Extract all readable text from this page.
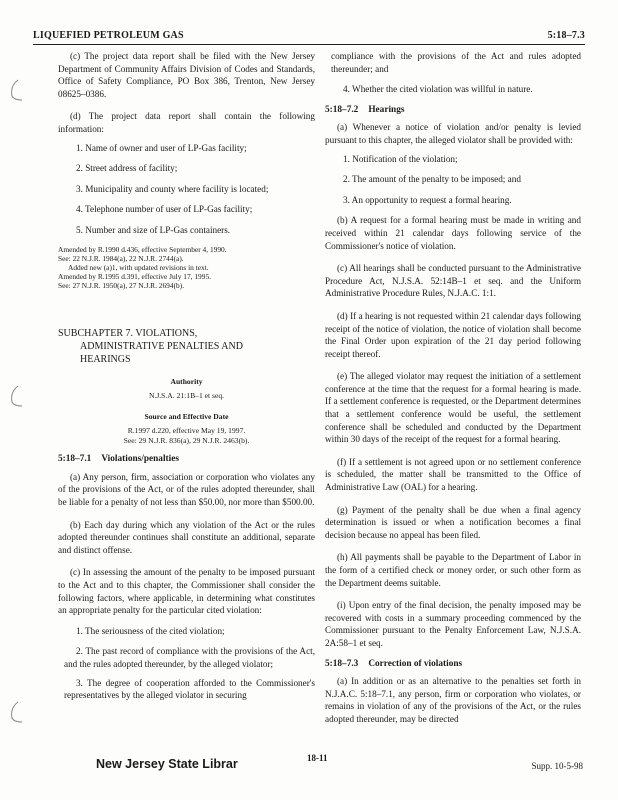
LIQUEFIED PETROLEUM GAS	5:18–7.3

(c) The project data report shall be filed with the New Jersey Department of Community Affairs Division of Codes and Standards, Office of Safety Compliance, PO Box 386, Trenton, New Jersey 08625–0386.

(d) The project data report shall contain the following information:

1. Name of owner and user of LP-Gas facility;
2. Street address of facility;
3. Municipality and county where facility is located;
4. Telephone number of user of LP-Gas facility;
5. Number and size of LP-Gas containers.
Amended by R.1990 d.436, effective September 4, 1990.
See: 22 N.J.R. 1984(a), 22 N.J.R. 2744(a).
Added new (a)1, with updated revisions in text.
Amended by R.1995 d.391, effective July 17, 1995.
See: 27 N.J.R. 1950(a), 27 N.J.R. 2694(b).
SUBCHAPTER 7. VIOLATIONS,
ADMINISTRATIVE PENALTIES AND
HEARINGS
Authority
N.J.S.A. 21:1B–1 et seq.
Source and Effective Date
R.1997 d.220, effective May 19, 1997.
See: 29 N.J.R. 836(a), 29 N.J.R. 2463(b).
5:18–7.1 Violations/penalties

(a) Any person, firm, association or corporation who violates any of the provisions of the Act, or of the rules adopted thereunder, shall be liable for a penalty of not less than $50.00, nor more than $500.00.

(b) Each day during which any violation of the Act or the rules adopted thereunder continues shall constitute an additional, separate and distinct offense.

(c) In assessing the amount of the penalty to be imposed pursuant to the Act and to this chapter, the Commissioner shall consider the following factors, where applicable, in determining what constitutes an appropriate penalty for the particular cited violation:

1. The seriousness of the cited violation;

2. The past record of compliance with the provisions of the Act, and the rules adopted thereunder, by the alleged violator;

3. The degree of cooperation afforded to the Commissioner's representatives by the alleged violator in securing

compliance with the provisions of the Act and rules adopted thereunder; and

4. Whether the cited violation was willful in nature.
5:18–7.2 Hearings

(a) Whenever a notice of violation and/or penalty is levied pursuant to this chapter, the alleged violator shall be provided with:

1. Notification of the violation;
2. The amount of the penalty to be imposed; and
3. An opportunity to request a formal hearing.

(b) A request for a formal hearing must be made in writing and received within 21 calendar days following service of the Commissioner's notice of violation.

(c) All hearings shall be conducted pursuant to the Administrative Procedure Act, N.J.S.A. 52:14B–1 et seq. and the Uniform Administrative Procedure Rules, N.J.A.C. 1:1.

(d) If a hearing is not requested within 21 calendar days following receipt of the notice of violation, the notice of violation shall become the Final Order upon expiration of the 21 day period following receipt thereof.

(e) The alleged violator may request the initiation of a settlement conference at the time that the request for a formal hearing is made. If a settlement conference is requested, or the Department determines that a settlement conference would be useful, the settlement conference shall be scheduled and conducted by the Department within 30 days of the receipt of the request for a formal hearing.

(f) If a settlement is not agreed upon or no settlement conference is scheduled, the matter shall be transmitted to the Office of Administrative Law (OAL) for a hearing.

(g) Payment of the penalty shall be due when a final agency determination is issued or when a notification becomes a final decision because no appeal has been filed.

(h) All payments shall be payable to the Department of Labor in the form of a certified check or money order, or such other form as the Department deems suitable.

(i) Upon entry of the final decision, the penalty imposed may be recovered with costs in a summary proceeding commenced by the Commissioner pursuant to the Penalty Enforcement Law, N.J.S.A. 2A:58–1 et seq.

5:18–7.3 Correction of violations

(a) In addition or as an alternative to the penalties set forth in N.J.A.C. 5:18–7.1, any person, firm or corporation who violates, or remains in violation of any of the provisions of the Act, or the rules adopted thereunder, may be directed

New Jersey State Librar	18-11
Supp. 10-5-98
